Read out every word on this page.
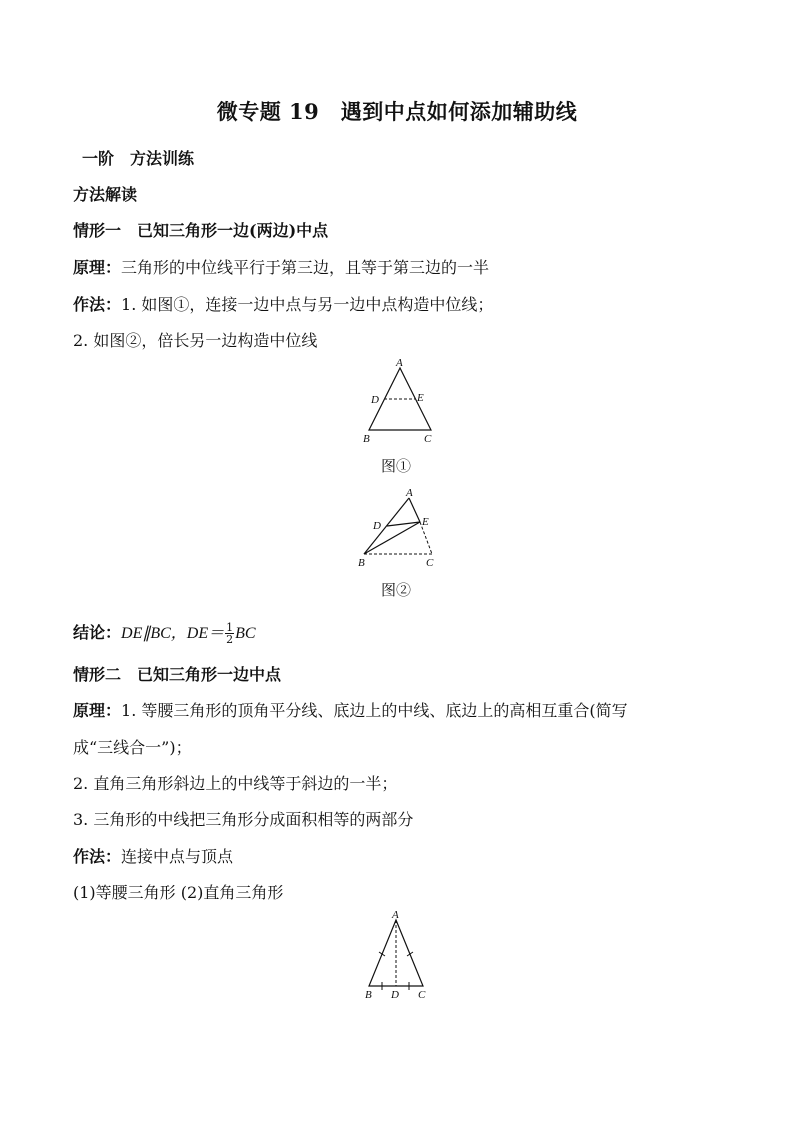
微专题 19　遇到中点如何添加辅助线
一阶　方法训练
方法解读
情形一　已知三角形一边(两边)中点
原理：三角形的中位线平行于第三边，且等于第三边的一半
作法：1. 如图①，连接一边中点与另一边中点构造中位线；
2. 如图②，倍长另一边构造中位线
A
D	E
B	C
图①
A
D	E
B	C
图②
结论：DE∥BC，$DE= \frac{1}{2}$ BC
情形二　已知三角形一边中点
原理：1. 等腰三角形的顶角平分线、底边上的中线、底边上的高相互重合(简写
成“三线合一”)；
2. 直角三角形斜边上的中线等于斜边的一半；
3. 三角形的中线把三角形分成面积相等的两部分
作法：连接中点与顶点
(1)等腰三角形 (2)直角三角形
A
B D C
